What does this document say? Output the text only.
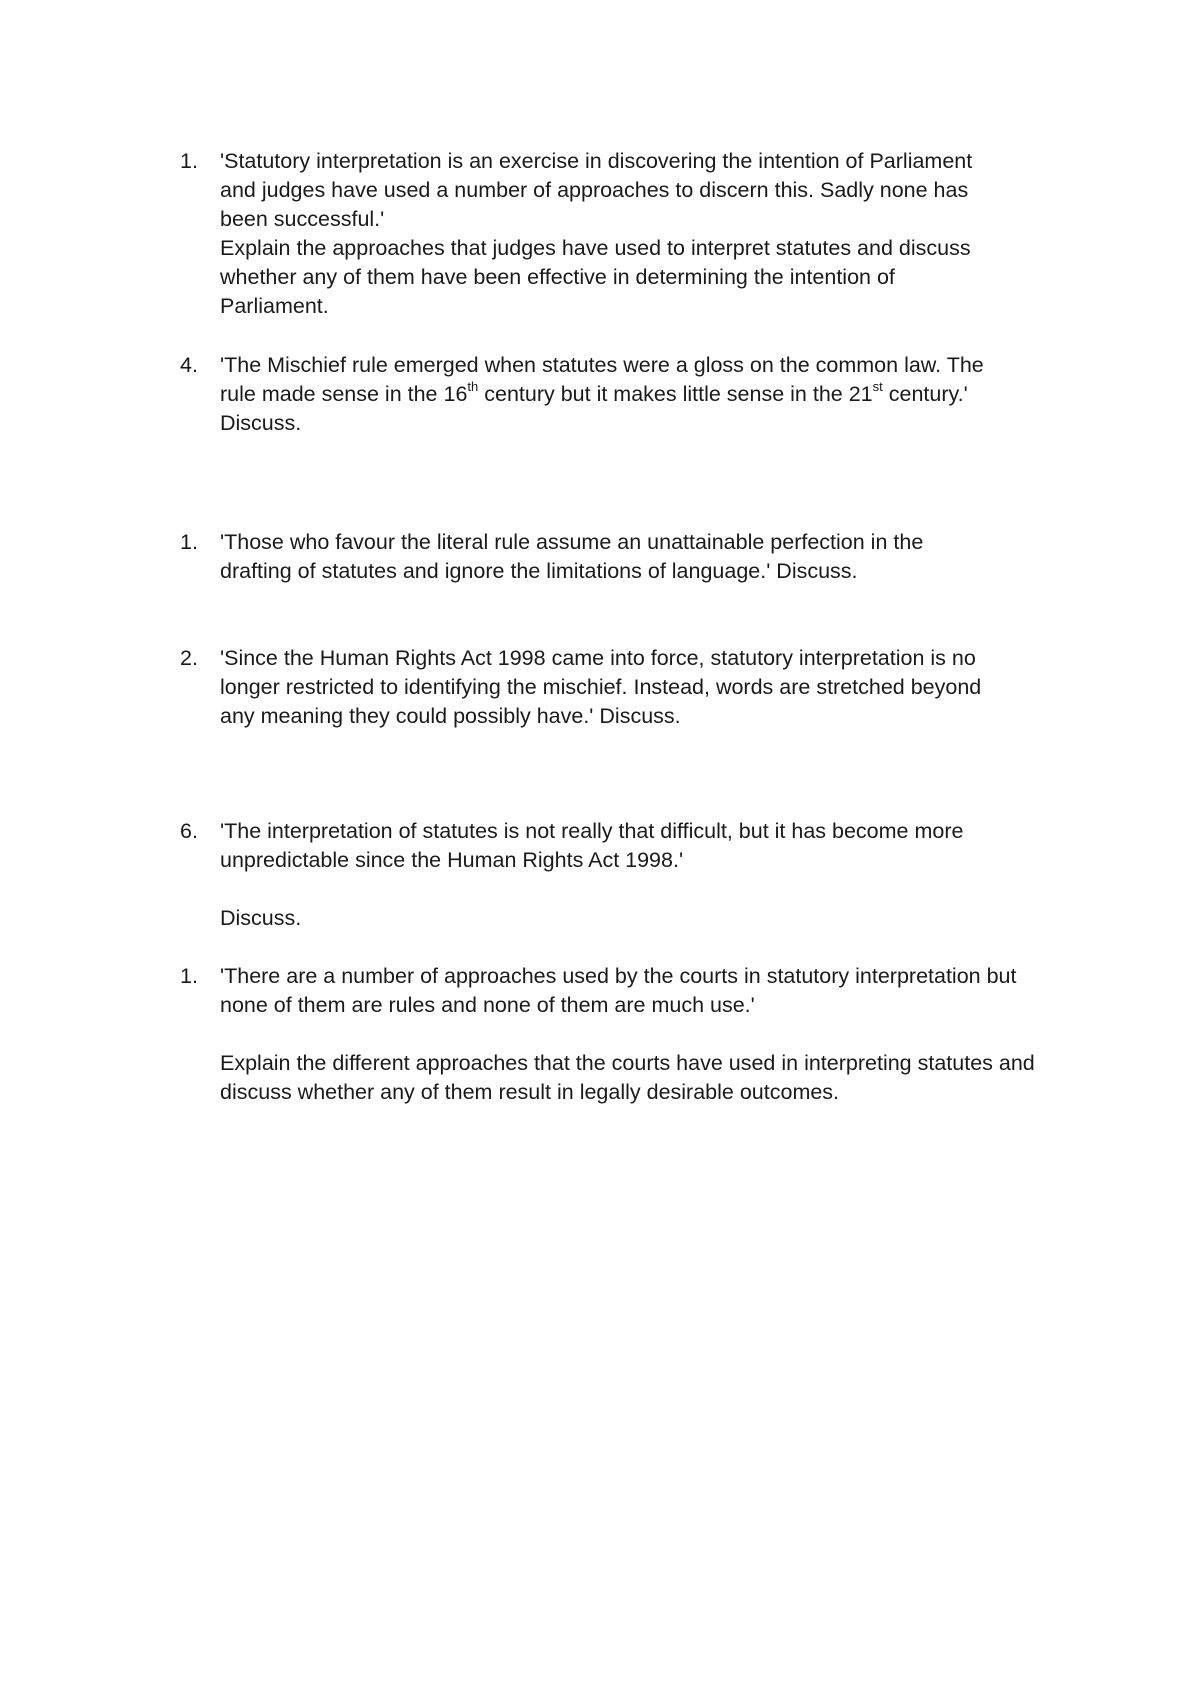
1.	'Statutory interpretation is an exercise in discovering the intention of Parliament and judges have used a number of approaches to discern this. Sadly none has been successful.'

Explain the approaches that judges have used to interpret statutes and discuss whether any of them have been effective in determining the intention of Parliament.

4.	'The Mischief rule emerged when statutes were a gloss on the common law. The rule made sense in the 16th century but it makes little sense in the 21st century.'

Discuss.

1.	'Those who favour the literal rule assume an unattainable perfection in the drafting of statutes and ignore the limitations of language.' Discuss.

2.	'Since the Human Rights Act 1998 came into force, statutory interpretation is no longer restricted to identifying the mischief. Instead, words are stretched beyond any meaning they could possibly have.' Discuss.

6.	'The interpretation of statutes is not really that difficult, but it has become more unpredictable since the Human Rights Act 1998.'

Discuss.

1.	'There are a number of approaches used by the courts in statutory interpretation but none of them are rules and none of them are much use.'

Explain the different approaches that the courts have used in interpreting statutes and discuss whether any of them result in legally desirable outcomes.
